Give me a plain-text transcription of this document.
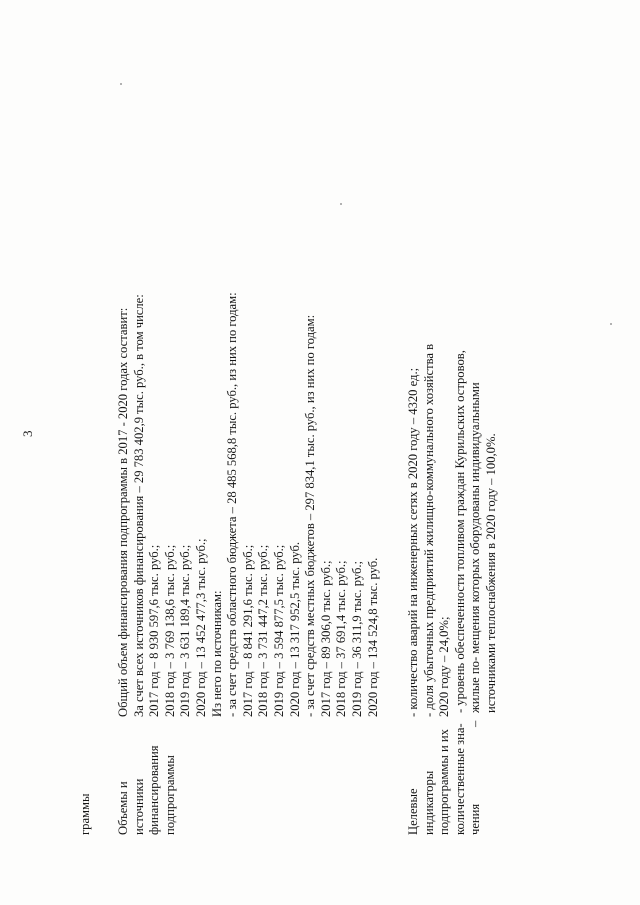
3
граммы Объемы и источники финансирования подпрограммы
Общий объем финансирования подпрограммы в 2017 - 2020 годах составит: За счет всех источников финансирования – 29 783 402,9 тыс. руб., в том числе: 2017 год – 8 930 597,6 тыс. руб.; 2018 год – 3 769 138,6 тыс. руб.; 2019 год – 3 631 189,4 тыс. руб.; 2020 год – 13 452 477,3 тыс. руб.; Из него по источникам: - за счет средств областного бюджета – 28 485 568,8 тыс. руб., из них по годам: 2017 год – 8 841 291,6 тыс. руб.; 2018 год – 3 731 447,2 тыс. руб.; 2019 год – 3 594 877,5 тыс. руб.; 2020 год – 13 317 952,5 тыс. руб. - за счет средств местных бюджетов – 297 834,1 тыс. руб., из них по годам: 2017 год – 89 306,0 тыс. руб.; 2018 год – 37 691,4 тыс. руб.; 2019 год – 36 311,9 тыс. руб.; 2020 год – 134 524,8 тыс. руб.
Целевые индикаторы подпрограммы и их количественные зна- чения
- количество аварий на инженерных сетях в 2020 году – 4320 ед.; - доля убыточных предприятий жилищно-коммунального хозяйства в 2020 году – 24,0%; - уровень обеспеченности топливом граждан Курильских островов, жилые по- мещения которых оборудованы индивидуальными источниками теплоснабжения в 2020 году – 100,0%.
–
